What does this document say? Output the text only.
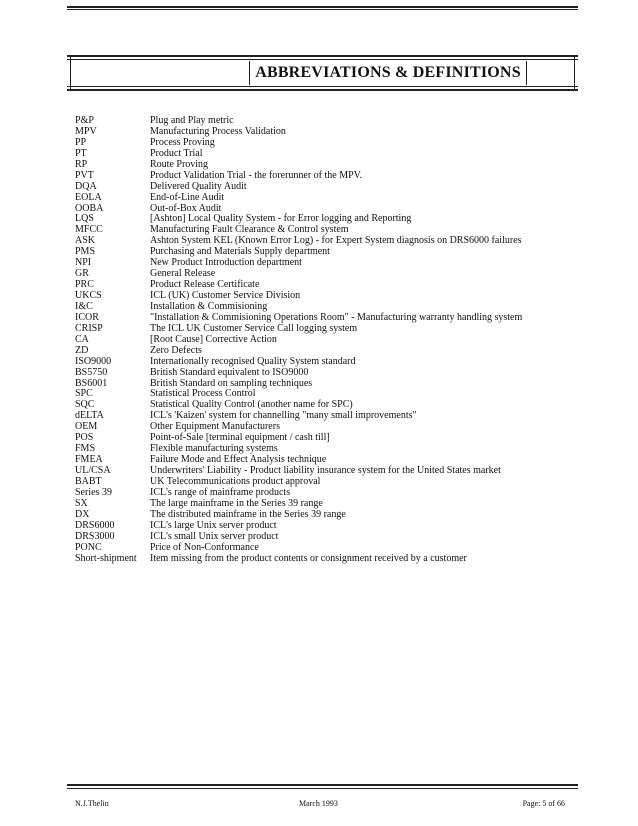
ABBREVIATIONS & DEFINITIONS
P&P	Plug and Play metric
MPV	Manufacturing Process Validation
PP	Process Proving
PT	Product Trial
RP	Route Proving
PVT	Product Validation Trial - the forerunner of the MPV.
DQA	Delivered Quality Audit
EOLA	End-of-Line Audit
OOBA	Out-of-Box Audit
LQS	[Ashton] Local Quality System - for Error logging and Reporting
MFCC	Manufacturing Fault Clearance & Control system
ASK	Ashton System KEL (Known Error Log) - for Expert System diagnosis on DRS6000 failures
PMS	Purchasing and Materials Supply department
NPI	New Product Introduction department
GR	General Release
PRC	Product Release Certificate
UKCS	ICL (UK) Customer Service Division
I&C	Installation & Commisioning
ICOR	"Installation & Commisioning Operations Room" - Manufacturing warranty handling system
CRISP	The ICL UK Customer Service Call logging system
CA	[Root Cause] Corrective Action
ZD	Zero Defects
ISO9000	Internationally recognised Quality System standard
BS5750	British Standard equivalent to ISO9000
BS6001	British Standard on sampling techniques
SPC	Statistical Process Control
SQC	Statistical Quality Control (another name for SPC)
dELTA	ICL's 'Kaizen' system for channelling "many small improvements"
OEM	Other Equipment Manufacturers
POS	Point-of-Sale [terminal equipment / cash till]
FMS	Flexible manufacturing systems
FMEA	Failure Mode and Effect Analysis technique
UL/CSA	Underwriters' Liability - Product liability insurance system for the United States market
BABT	UK Telecommunications product approval
Series 39	ICL's range of mainframe products
SX	The large mainframe in the Series 39 range
DX	The distributed mainframe in the Series 39 range
DRS6000	ICL's large Unix server product
DRS3000	ICL's small Unix server product
PONC	Price of Non-Conformance
Short-shipment	Item missing from the product contents or consignment received by a customer
N.J.Thelin	March 1993	Page: 5 of 66
